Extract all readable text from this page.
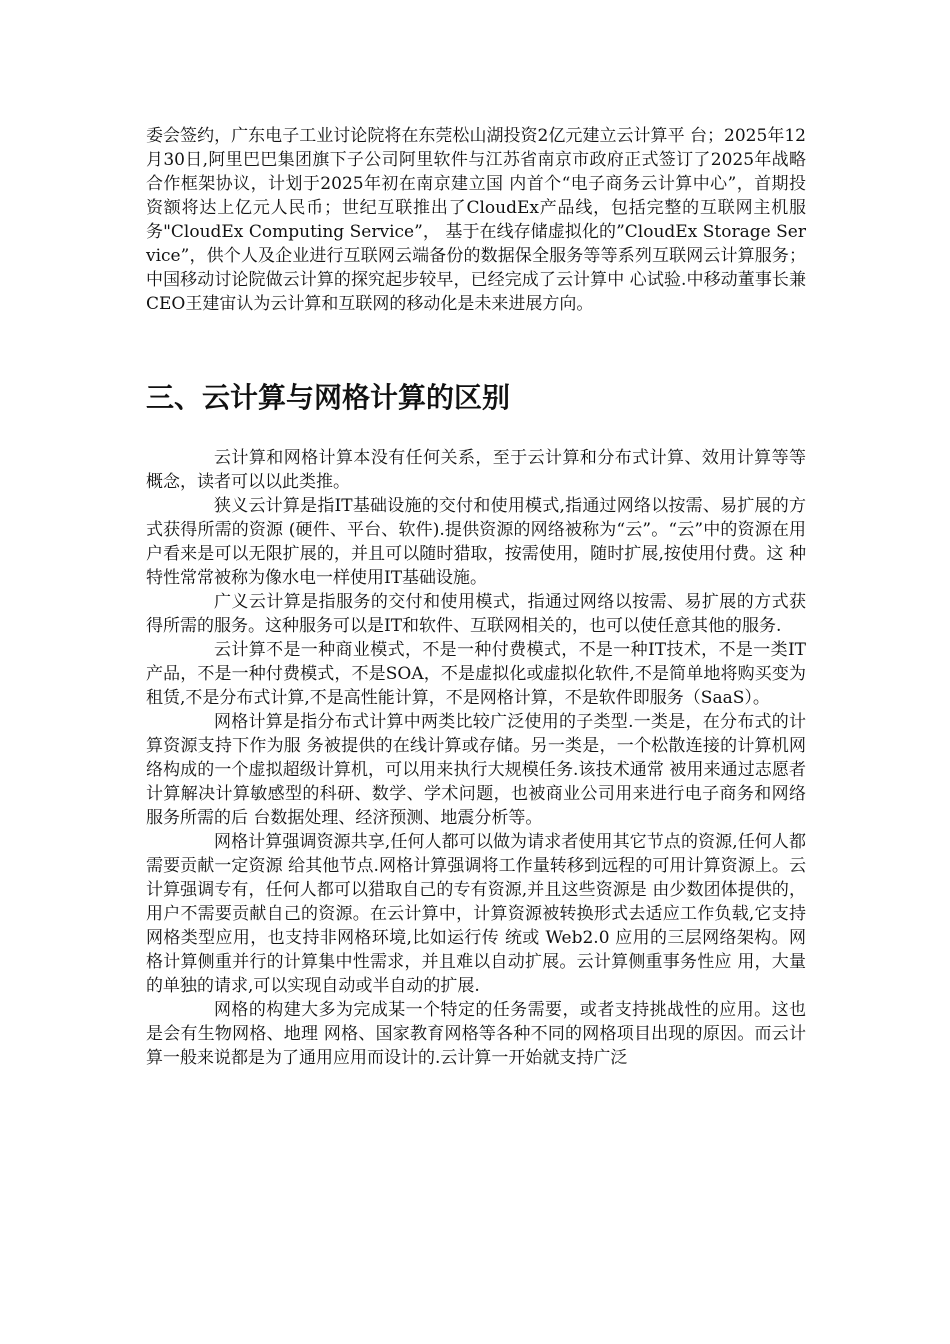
委会签约，广东电子工业讨论院将在东莞松山湖投资2亿元建立云计算平 台；2025年12月30日,阿里巴巴集团旗下子公司阿里软件与江苏省南京市政府正式签订了2025年战略合作框架协议，计划于2025年初在南京建立国 内首个“电子商务云计算中心”，首期投资额将达上亿元人民币；世纪互联推出了CloudEx产品线，包括完整的互联网主机服务"CloudEx Computing Service”， 基于在线存储虚拟化的”CloudEx Storage Service”，供个人及企业进行互联网云端备份的数据保全服务等等系列互联网云计算服务；中国移动讨论院做云计算的探究起步较早，已经完成了云计算中 心试验.中移动董事长兼CEO王建宙认为云计算和互联网的移动化是未来进展方向。

三、云计算与网格计算的区别

云计算和网格计算本没有任何关系，至于云计算和分布式计算、效用计算等等概念，读者可以以此类推。

狭义云计算是指IT基础设施的交付和使用模式,指通过网络以按需、易扩展的方式获得所需的资源 (硬件、平台、软件).提供资源的网络被称为“云”。“云”中的资源在用户看来是可以无限扩展的，并且可以随时猎取，按需使用，随时扩展,按使用付费。这 种特性常常被称为像水电一样使用IT基础设施。

广义云计算是指服务的交付和使用模式，指通过网络以按需、易扩展的方式获得所需的服务。这种服务可以是IT和软件、互联网相关的，也可以使任意其他的服务.

云计算不是一种商业模式，不是一种付费模式，不是一种IT技术，不是一类IT产品，不是一种付费模式，不是SOA，不是虚拟化或虚拟化软件,不是简单地将购买变为租赁,不是分布式计算,不是高性能计算，不是网格计算，不是软件即服务（SaaS）。

网格计算是指分布式计算中两类比较广泛使用的子类型.一类是，在分布式的计算资源支持下作为服 务被提供的在线计算或存储。另一类是，一个松散连接的计算机网络构成的一个虚拟超级计算机，可以用来执行大规模任务.该技术通常 被用来通过志愿者计算解决计算敏感型的科研、数学、学术问题，也被商业公司用来进行电子商务和网络服务所需的后 台数据处理、经济预测、地震分析等。

网格计算强调资源共享,任何人都可以做为请求者使用其它节点的资源,任何人都需要贡献一定资源 给其他节点.网格计算强调将工作量转移到远程的可用计算资源上。云计算强调专有，任何人都可以猎取自己的专有资源,并且这些资源是 由少数团体提供的，用户不需要贡献自己的资源。在云计算中，计算资源被转换形式去适应工作负载,它支持网格类型应用，也支持非网格环境,比如运行传 统或 Web2.0 应用的三层网络架构。网格计算侧重并行的计算集中性需求，并且难以自动扩展。云计算侧重事务性应 用，大量的单独的请求,可以实现自动或半自动的扩展.

网格的构建大多为完成某一个特定的任务需要，或者支持挑战性的应用。这也是会有生物网格、地理 网格、国家教育网格等各种不同的网格项目出现的原因。而云计算一般来说都是为了通用应用而设计的.云计算一开始就支持广泛
